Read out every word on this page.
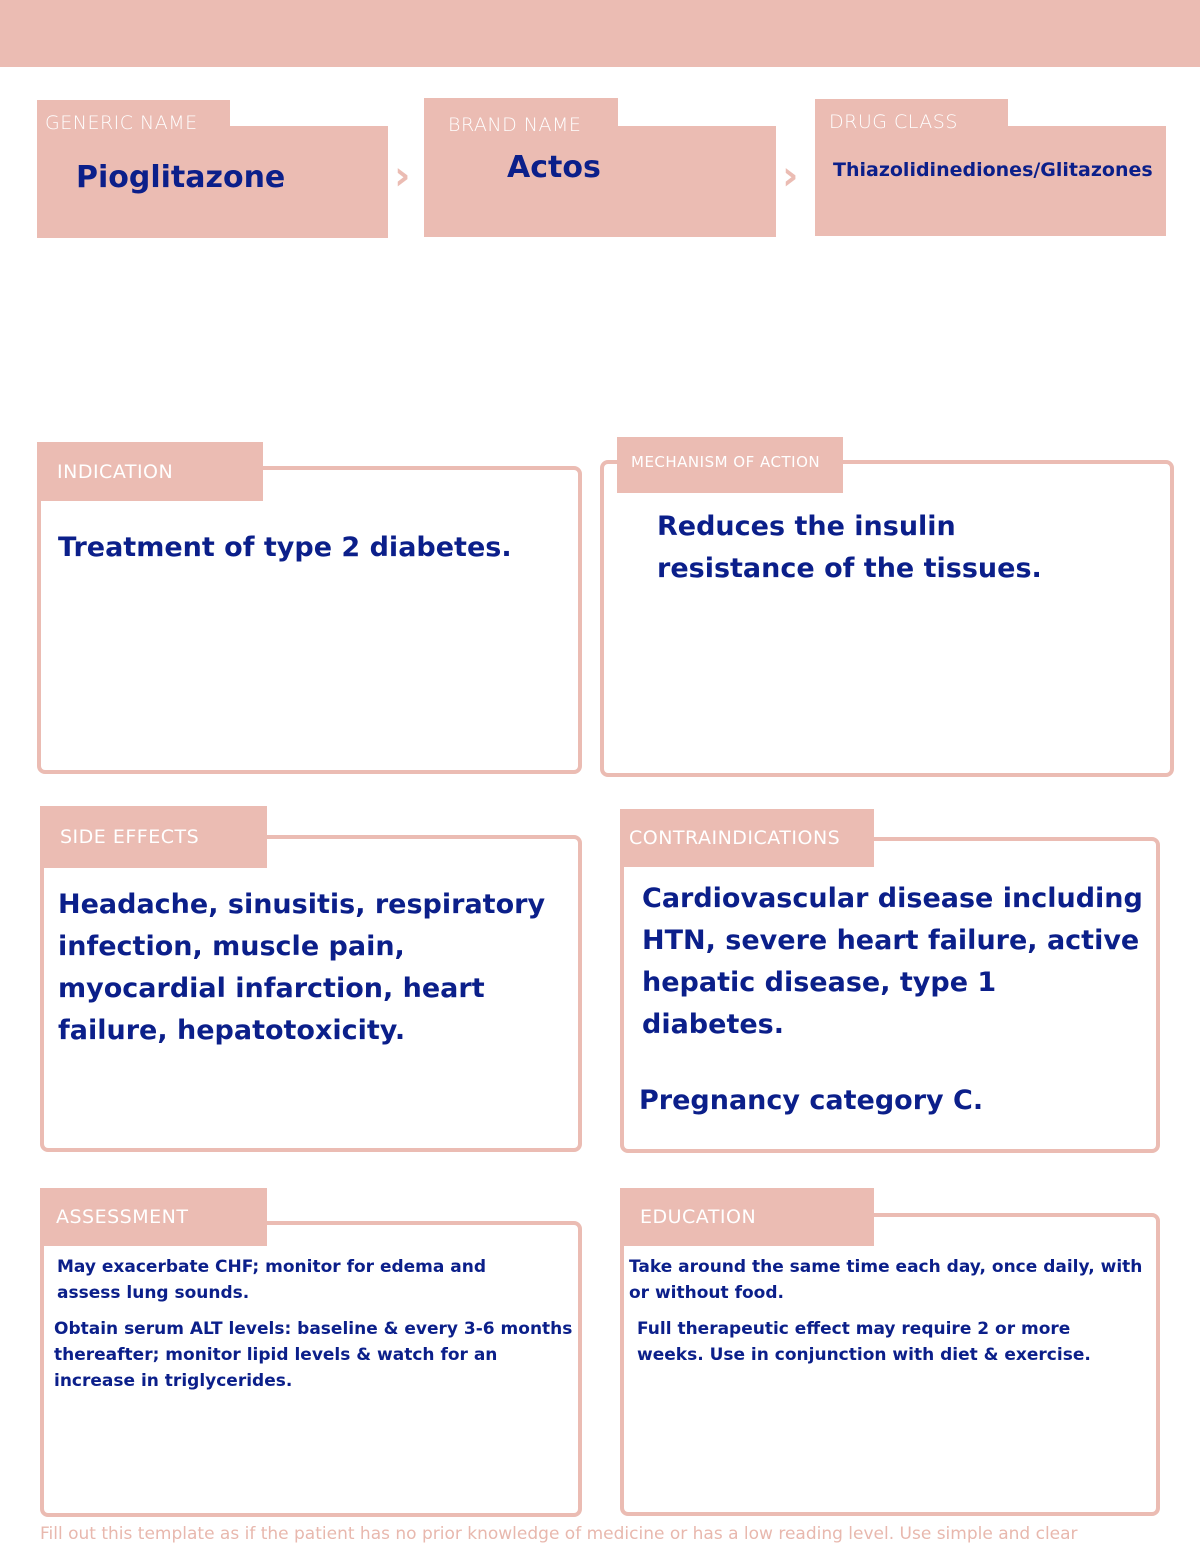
GENERIC NAME
Pioglitazone	›
BRAND NAME
Actos	›
DRUG CLASS
Thiazolidinediones/Glitazones
INDICATION
Treatment of type 2 diabetes.
MECHANISM OF ACTION
Reduces the insulin resistance of the tissues.
SIDE EFFECTS
Headache, sinusitis, respiratory infection, muscle pain, myocardial infarction, heart failure, hepatotoxicity.
CONTRAINDICATIONS

Cardiovascular disease including HTN, severe heart failure, active hepatic disease, type 1 diabetes.

Pregnancy category C.

ASSESSMENT

May exacerbate CHF; monitor for edema and assess lung sounds.

Obtain serum ALT levels: baseline & every 3-6 months thereafter; monitor lipid levels & watch for an increase in triglycerides.

EDUCATION

Take around the same time each day, once daily, with or without food.

Full therapeutic effect may require 2 or more weeks. Use in conjunction with diet & exercise.

Fill out this template as if the patient has no prior knowledge of medicine or has a low reading level. Use simple and clear
